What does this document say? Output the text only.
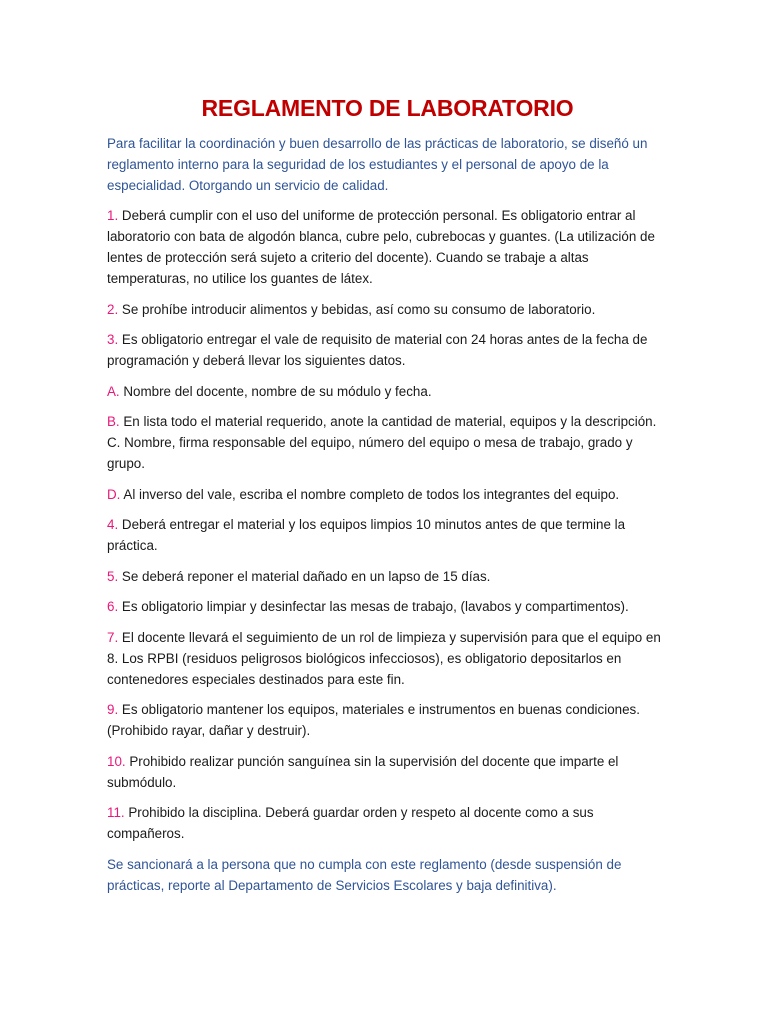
REGLAMENTO DE LABORATORIO

Para facilitar la coordinación y buen desarrollo de las prácticas de laboratorio, se diseñó un reglamento interno para la seguridad de los estudiantes y el personal de apoyo de la especialidad. Otorgando un servicio de calidad.

1. Deberá cumplir con el uso del uniforme de protección personal. Es obligatorio entrar al laboratorio con bata de algodón blanca, cubre pelo, cubrebocas y guantes. (La utilización de lentes de protección será sujeto a criterio del docente). Cuando se trabaje a altas temperaturas, no utilice los guantes de látex.

2. Se prohíbe introducir alimentos y bebidas, así como su consumo de laboratorio.

3. Es obligatorio entregar el vale de requisito de material con 24 horas antes de la fecha de programación y deberá llevar los siguientes datos.

A. Nombre del docente, nombre de su módulo y fecha.

B. En lista todo el material requerido, anote la cantidad de material, equipos y la descripción. C. Nombre, firma responsable del equipo, número del equipo o mesa de trabajo, grado y grupo.

D. Al inverso del vale, escriba el nombre completo de todos los integrantes del equipo.

4. Deberá entregar el material y los equipos limpios 10 minutos antes de que termine la práctica.

5. Se deberá reponer el material dañado en un lapso de 15 días.

6. Es obligatorio limpiar y desinfectar las mesas de trabajo, (lavabos y compartimentos).

7. El docente llevará el seguimiento de un rol de limpieza y supervisión para que el equipo en 8. Los RPBI (residuos peligrosos biológicos infecciosos), es obligatorio depositarlos en contenedores especiales destinados para este fin.

9. Es obligatorio mantener los equipos, materiales e instrumentos en buenas condiciones. (Prohibido rayar, dañar y destruir).

10. Prohibido realizar punción sanguínea sin la supervisión del docente que imparte el submódulo.

11. Prohibido la disciplina. Deberá guardar orden y respeto al docente como a sus compañeros.

Se sancionará a la persona que no cumpla con este reglamento (desde suspensión de prácticas, reporte al Departamento de Servicios Escolares y baja definitiva).
